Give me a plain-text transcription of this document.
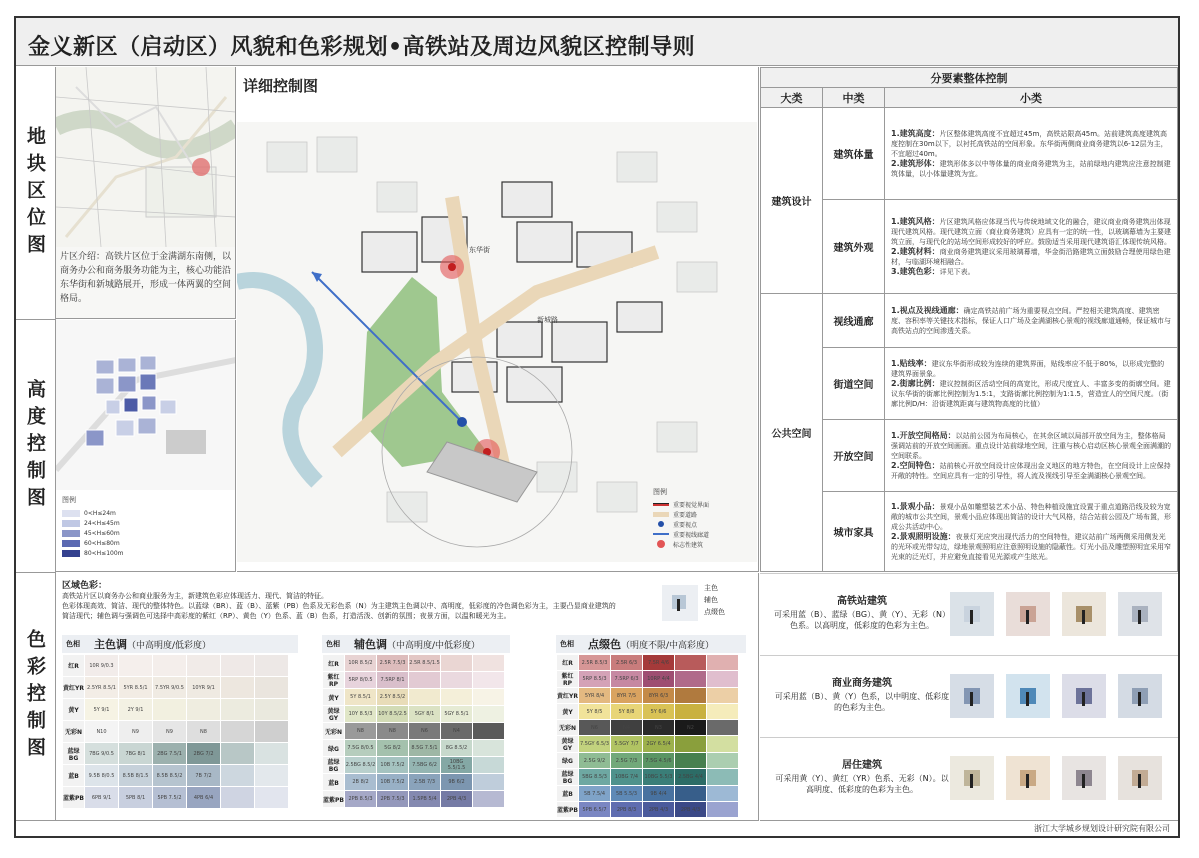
金义新区（启动区）风貌和色彩规划•高铁站及周边风貌区控制导则
地块区位图
高度控制图
色彩控制图
片区介绍：高铁片区位于金满湖东南侧，以商务办公和商务服务功能为主，核心功能沿东华街和新城路展开，形成一体两翼的空间格局。
图例
0<H≤24m
24<H≤45m
45<H≤60m
60<H≤80m
80<H≤100m
详细控制图
东华街
新城路
图例
重要视觉界面
重要道路
重要视点
重要视线廊道
标志性建筑
分要素整体控制		
大类	中类	小类
建筑设计	建筑体量	1.建筑高度：片区整体建筑高度不宜超过45m，高铁站限高45m。站前建筑高度建筑高度控制在30m以下，以衬托高铁站的空间形象。东华街两侧商业商务建筑以6-12层为主，不宜超过40m。
2.建筑形体：建筑形体多以中等体量的商业商务建筑为主，站前绿地内建筑应注意控制建筑体量，以小体量建筑为宜。
	建筑外观	1.建筑风格：片区建筑风格应体现当代与传统地域文化的融合，建议商业商务建筑出体现现代建筑风格。现代建筑立面（商业商务建筑）应具有一定的统一性，以玻璃幕墙为主要建筑立面，与现代化的站场空间形成较好的呼应。鼓励适当采用现代建筑语汇体现传统风格。
2.建筑材料：商业商务建筑建议采用玻璃幕墙，华金街沿路建筑立面鼓励合理使用绿色建材，与临湖环境相融合。
3.建筑色彩：详见下表。
公共空间	视线通廊	1.视点及视线通廊：确定高铁站前广场为重要视点空间。严控相关建筑高度、建筑密度、容积率等关键技术指标，保证人口广场及金满湖核心景观的视线廊道通畅，保证城市与高铁站点的空间渗透关系。
	街道空间	1.贴线率：建议东华街形成较为连续的建筑界面，贴线率应不低于80%，以形成完整的建筑界面景象。
2.街廓比例：建议控制街区活动空间的高宽比，形成尺度宜人、丰富多变的街廓空间。建议东华街的街廓比例控制为1.5:1，支路街廓比例控制为1:1.5，营造宜人的空间尺度。（街廓比例D/H：沿街建筑距离与建筑物高度的比值）
	开放空间	1.开放空间格局：以站前公园为布局核心，在其余区域以局部开放空间为主，整体格局强调站前的开放空间画面。重点设计站前绿地空间，注重与核心启动区核心景观全面满潮的空间联系。
2.空间特色：站前核心开放空间设计应体现出金义地区的地方特色，在空间设计上应保持开敞的特性。空间应具有一定的引导性，将人流及视线引导至金满湖核心景观空间。
	城市家具	1.景观小品：景观小品如雕塑装艺术小品、特色种植设施宜设置于重点道路沿线及较为宽敞的城市公共空间，景观小品应体现出简洁的设计大气风格，结合站前公园及广场布置，形成公共活动中心。
2.景观照明设施：夜景灯光应突出现代活力的空间特性，建议站前广场两侧采用侧发光的光环或光带勾边，绿地景观照明应注意照明设施的隐蔽性。灯光小品及雕塑照明宜采用窄光束的泛光灯，并应避免直接看见光源或产生眩光。
区域色彩：
高铁站片区以商务办公和商业服务为主，新建筑色彩应体现活力、现代、简洁的特征。
色彩体现高效、简洁、现代的整体特色。以蓝绿（BR）、蓝（B）、蓝紫（PB）色系及无彩色系（N）为主建筑主色调以中、高明度，低彩度的冷色调色彩为主，主要凸显商业建筑的简洁现代；辅色调与强调色可选择中高彩度的紫红（RP）、黄色（Y）色系、蓝（B）色系，打造活泼、创新的氛围；夜景方面，以温和暖光为主。
主色
辅色
点缀色
色相	主色调（中高明度/低彩度）
红R	10R 9/0.3					
黄红YR	2.5YR 8.5/1	5YR 8.5/1	7.5YR 9/0.5	10YR 9/1		
黄Y	5Y 9/1	2Y 9/1				
无彩N	N10	N9	N9	N8		
蓝绿BG	7BG 9/0.5	7BG 8/1	2BG 7.5/1	2BG 7/2		
蓝B	9.5B 8/0.5	8.5B 8/1.5	8.5B 8.5/2	7B 7/2		
蓝紫PB	6PB 9/1	5PB 8/1	5PB 7.5/2	4PB 6/4		
色相	辅色调（中高明度/中低彩度）
红R	10R 8.5/2	2.5R 7.5/3	2.5R 8.5/1.5		
紫红RP	5RP 8/0.5	7.5RP 8/1			
黄Y	5Y 8.5/1	2.5Y 8.5/2			
黄绿GY	10Y 8.5/3	10Y 8.5/2.5	5GY 8/1	5GY 8.5/1	
无彩N	N8	N8	N6	N4	
绿G	7.5G 8/0.5	5G 8/2	8.5G 7.5/1	8G 8.5/2	
蓝绿BG	2.5BG 8.5/2	10B 7.5/2	7.5BG 6/2	10BG 5.5/1.5	
蓝B	2B 8/2	10B 7.5/2	2.5B 7/3	9B 6/2	
蓝紫PB	2PB 8.5/3	2PB 7.5/3	1.5PB 5/4	2PB 4/3	
色相	点缀色（明度不限/中高彩度）
红R	2.5R 8.5/3	2.5R 6/3	7.5R 4/6		
紫红RP	5RP 8.5/3	7.5RP 6/3	10RP 4/4		
黄红YR	5YR 8/4	8YR 7/5	8YR 6/3		
黄Y	5Y 8/5	5Y 8/8	5Y 6/6		
无彩N	N6	N4	N3	N2	
黄绿GY	7.5GY 6.5/3	5.5GY 7/7	2GY 6.5/4		
绿G	2.5G 9/2	2.5G 7/3	7.5G 4.5/6		
蓝绿BG	5BG 8.5/3	10BG 7/4	10BG 5.5/3	2.5BG 4/4	
蓝B	5B 7.5/4	5B 5.5/3	9B 4/4		
蓝紫PB	5PB 6.5/7	2PB 8/3	2PB 4/3	2PB 4/3	
高铁站建筑
可采用蓝（B）、蓝绿（BG）、黄（Y）、无彩（N）色系。以高明度，低彩度的色彩为主色。
商业商务建筑
可采用蓝（B）、黄（Y）色系，以中明度、低彩度的色彩为主色。
居住建筑
可采用黄（Y）、黄红（YR）色系、无彩（N）。以高明度、低彩度的色彩为主色。
浙江大学城乡规划设计研究院有限公司
